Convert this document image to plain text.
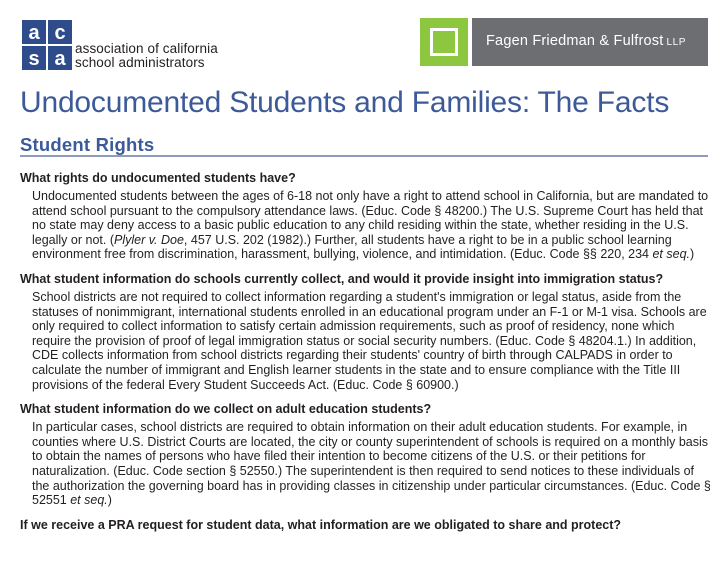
a c
s a association of california
school administrators
Fagen Friedman & Fulfrost LLP
Undocumented Students and Families: The Facts
Student Rights

What rights do undocumented students have?

Undocumented students between the ages of 6-18 not only have a right to attend school in California, but are mandated to attend school pursuant to the compulsory attendance laws. (Educ. Code § 48200.) The U.S. Supreme Court has held that no state may deny access to a basic public education to any child residing within the state, whether residing in the U.S. legally or not. (Plyler v. Doe, 457 U.S. 202 (1982).) Further, all students have a right to be in a public school learning environment free from discrimination, harassment, bullying, violence, and intimidation. (Educ. Code §§ 220, 234 et seq.)

What student information do schools currently collect, and would it provide insight into immigration status?

School districts are not required to collect information regarding a student's immigration or legal status, aside from the statuses of nonimmigrant, international students enrolled in an educational program under an F-1 or M-1 visa. Schools are only required to collect information to satisfy certain admission requirements, such as proof of residency, none which require the provision of proof of legal immigration status or social security numbers. (Educ. Code § 48204.1.) In addition, CDE collects information from school districts regarding their students' country of birth through CALPADS in order to calculate the number of immigrant and English learner students in the state and to ensure compliance with the Title III provisions of the federal Every Student Succeeds Act. (Educ. Code § 60900.)

What student information do we collect on adult education students?

In particular cases, school districts are required to obtain information on their adult education students. For example, in counties where U.S. District Courts are located, the city or county superintendent of schools is required on a monthly basis to obtain the names of persons who have filed their intention to become citizens of the U.S. or their petitions for naturalization. (Educ. Code section § 52550.) The superintendent is then required to send notices to these individuals of the authorization the governing board has in providing classes in citizenship under particular circumstances. (Educ. Code § 52551 et seq.)

If we receive a PRA request for student data, what information are we obligated to share and protect?
